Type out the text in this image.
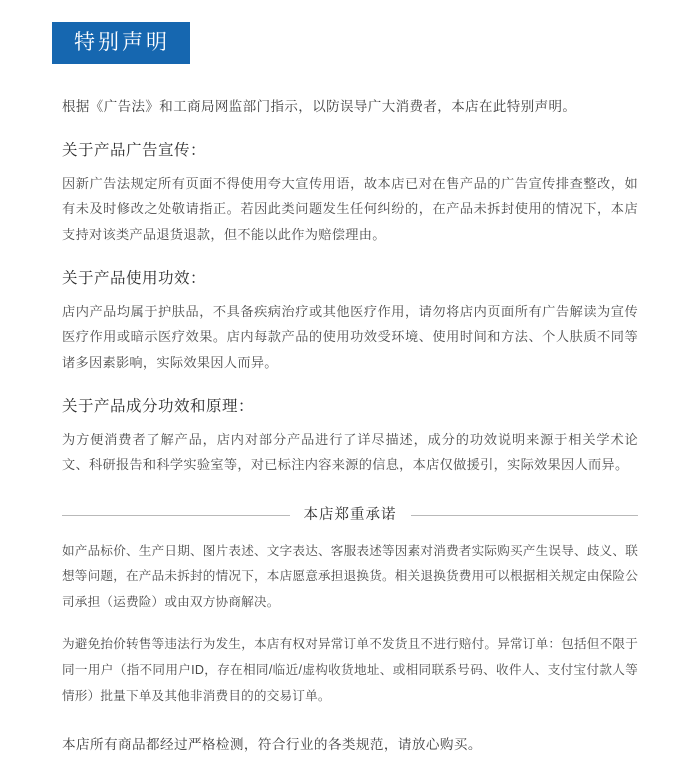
特别声明

根据《广告法》和工商局网监部门指示，以防误导广大消费者，本店在此特别声明。

关于产品广告宣传：
因新广告法规定所有页面不得使用夸大宣传用语，故本店已对在售产品的广告宣传排查整改，如有未及时修改之处敬请指正。若因此类问题发生任何纠纷的，在产品未拆封使用的情况下，本店支持对该类产品退货退款，但不能以此作为赔偿理由。
关于产品使用功效：
店内产品均属于护肤品，不具备疾病治疗或其他医疗作用，请勿将店内页面所有广告解读为宣传医疗作用或暗示医疗效果。店内每款产品的使用功效受环境、使用时间和方法、个人肤质不同等诸多因素影响，实际效果因人而异。
关于产品成分功效和原理：
为方便消费者了解产品，店内对部分产品进行了详尽描述，成分的功效说明来源于相关学术论文、科研报告和科学实验室等，对已标注内容来源的信息，本店仅做援引，实际效果因人而异。
本店郑重承诺

如产品标价、生产日期、图片表述、文字表达、客服表述等因素对消费者实际购买产生误导、歧义、联想等问题，在产品未拆封的情况下，本店愿意承担退换货。相关退换货费用可以根据相关规定由保险公司承担（运费险）或由双方协商解决。

为避免抬价转售等违法行为发生，本店有权对异常订单不发货且不进行赔付。异常订单：包括但不限于同一用户（指不同用户ID，存在相同/临近/虚构收货地址、或相同联系号码、收件人、支付宝付款人等情形）批量下单及其他非消费目的的交易订单。

本店所有商品都经过严格检测，符合行业的各类规范，请放心购买。
